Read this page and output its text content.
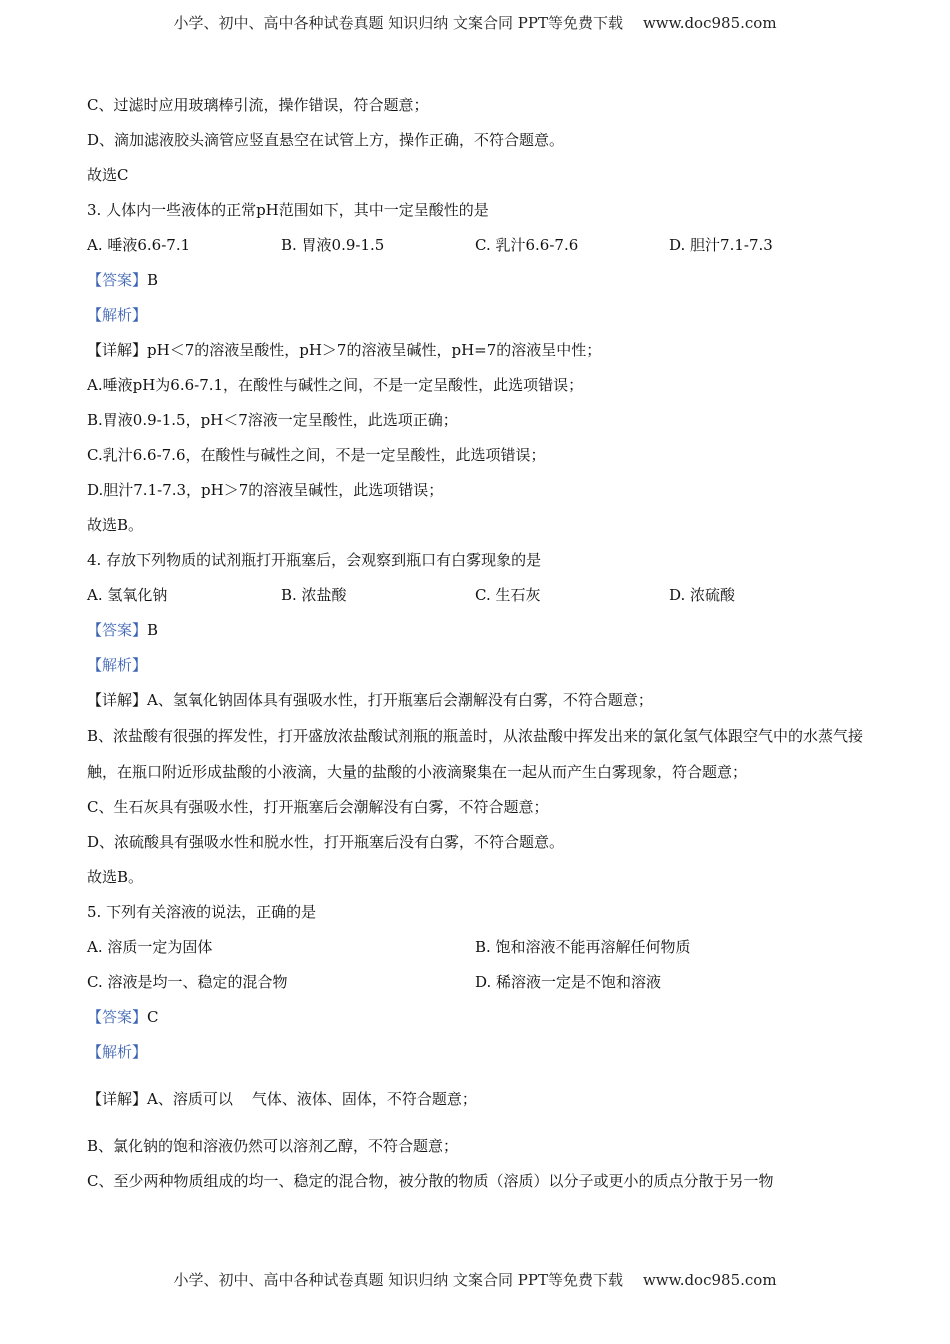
小学、初中、高中各种试卷真题 知识归纳 文案合同 PPT等免费下载 www.doc985.com
C、过滤时应用玻璃棒引流，操作错误，符合题意；
D、滴加滤液胶头滴管应竖直悬空在试管上方，操作正确，不符合题意。
故选C
3. 人体内一些液体的正常pH范围如下，其中一定呈酸性的是
A. 唾液6.6-7.1	B. 胃液0.9-1.5	C. 乳汁6.6-7.6	D. 胆汁7.1-7.3
【答案】B
【解析】
【详解】pH＜7的溶液呈酸性，pH＞7的溶液呈碱性，pH=7的溶液呈中性；
A.唾液pH为6.6-7.1，在酸性与碱性之间，不是一定呈酸性，此选项错误；
B.胃液0.9-1.5，pH＜7溶液一定呈酸性，此选项正确；
C.乳汁6.6-7.6，在酸性与碱性之间，不是一定呈酸性，此选项错误；
D.胆汁7.1-7.3，pH＞7的溶液呈碱性，此选项错误；
故选B。
4. 存放下列物质的试剂瓶打开瓶塞后，会观察到瓶口有白雾现象的是
A. 氢氧化钠	B. 浓盐酸	C. 生石灰	D. 浓硫酸
【答案】B
【解析】
【详解】A、氢氧化钠固体具有强吸水性，打开瓶塞后会潮解没有白雾，不符合题意；
B、浓盐酸有很强的挥发性，打开盛放浓盐酸试剂瓶的瓶盖时，从浓盐酸中挥发出来的氯化氢气体跟空气中的水蒸气接触，在瓶口附近形成盐酸的小液滴，大量的盐酸的小液滴聚集在一起从而产生白雾现象，符合题意；
C、生石灰具有强吸水性，打开瓶塞后会潮解没有白雾，不符合题意；
D、浓硫酸具有强吸水性和脱水性，打开瓶塞后没有白雾，不符合题意。
故选B。
5. 下列有关溶液的说法，正确的是
A. 溶质一定为固体	B. 饱和溶液不能再溶解任何物质
C. 溶液是均一、稳定的混合物	D. 稀溶液一定是不饱和溶液
【答案】C
【解析】
【详解】A、溶质可以    气体、液体、固体，不符合题意；
B、氯化钠的饱和溶液仍然可以溶剂乙醇，不符合题意；
C、至少两种物质组成的均一、稳定的混合物，被分散的物质（溶质）以分子或更小的质点分散于另一物
小学、初中、高中各种试卷真题 知识归纳 文案合同 PPT等免费下载 www.doc985.com
